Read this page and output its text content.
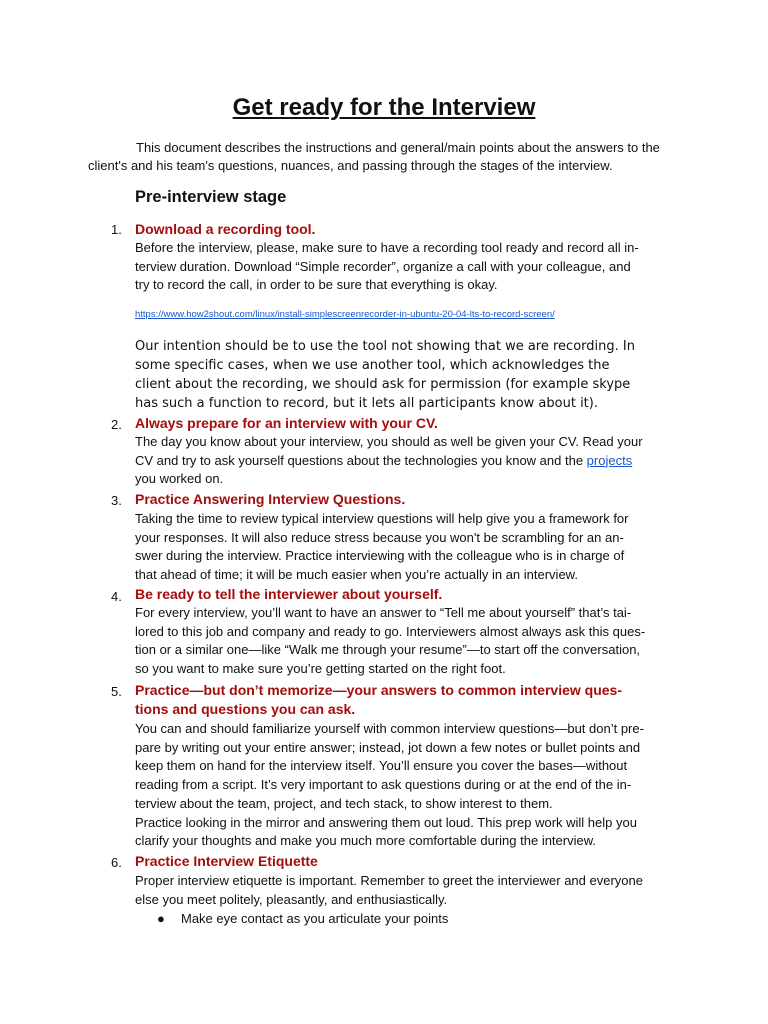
Get ready for the Interview

This document describes the instructions and general/main points about the answers to the client's and his team's questions, nuances, and passing through the stages of the interview.

Pre-interview stage
1. Download a recording tool.
Before the interview, please, make sure to have a recording tool ready and record all in-
terview duration. Download “Simple recorder”, organize a call with your colleague, and
try to record the call, in order to be sure that everything is okay.
https://www.how2shout.com/linux/install-simplescreenrecorder-in-ubuntu-20-04-lts-to-record-screen/
Our intention should be to use the tool not showing that we are recording. In
some specific cases, when we use another tool, which acknowledges the
client about the recording, we should ask for permission (for example skype
has such a function to record, but it lets all participants know about it).
2. Always prepare for an interview with your CV.
The day you know about your interview, you should as well be given your CV. Read your
CV and try to ask yourself questions about the technologies you know and the projects
you worked on.
3. Practice Answering Interview Questions.
Taking the time to review typical interview questions will help give you a framework for
your responses. It will also reduce stress because you won't be scrambling for an an-
swer during the interview. Practice interviewing with the colleague who is in charge of
that ahead of time; it will be much easier when you’re actually in an interview.
4. Be ready to tell the interviewer about yourself.
For every interview, you’ll want to have an answer to “Tell me about yourself” that’s tai-
lored to this job and company and ready to go. Interviewers almost always ask this ques-
tion or a similar one—like “Walk me through your resume”—to start off the conversation,
so you want to make sure you’re getting started on the right foot.
5. Practice—but don’t memorize—your answers to common interview ques-
tions and questions you can ask.
You can and should familiarize yourself with common interview questions—but don’t pre-
pare by writing out your entire answer; instead, jot down a few notes or bullet points and
keep them on hand for the interview itself. You’ll ensure you cover the bases—without
reading from a script. It’s very important to ask questions during or at the end of the in-
terview about the team, project, and tech stack, to show interest to them.
Practice looking in the mirror and answering them out loud. This prep work will help you
clarify your thoughts and make you much more comfortable during the interview.
6. Practice Interview Etiquette
Proper interview etiquette is important. Remember to greet the interviewer and everyone
else you meet politely, pleasantly, and enthusiastically.
● Make eye contact as you articulate your points
